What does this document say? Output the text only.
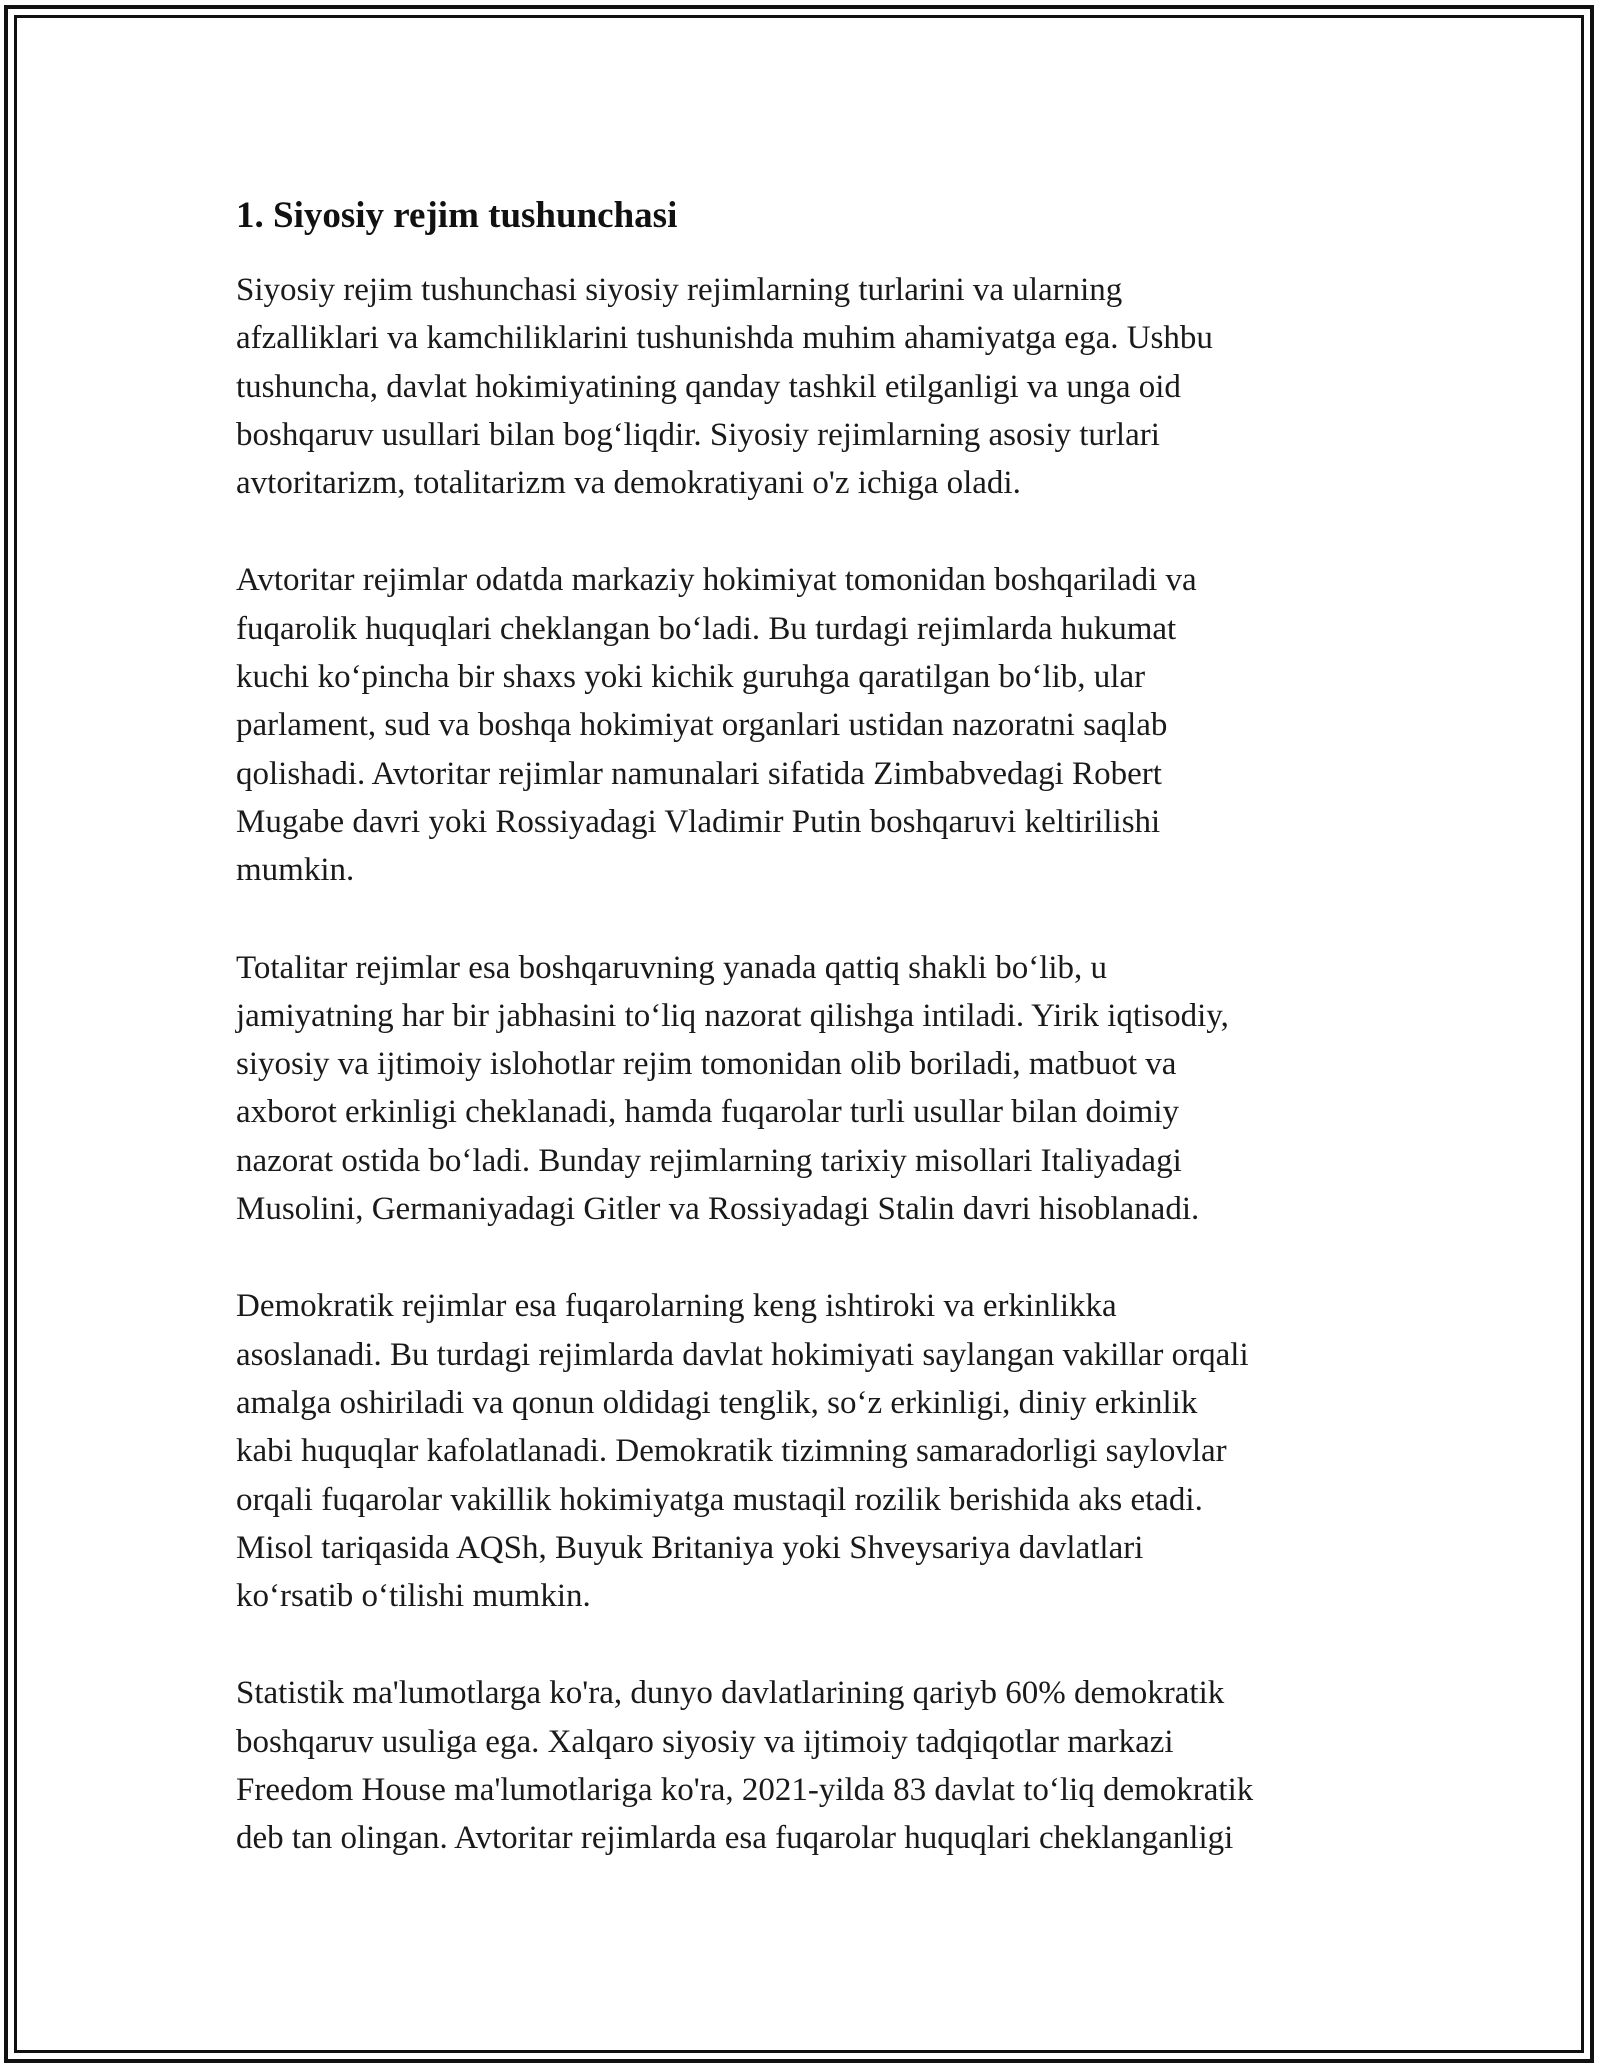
1. Siyosiy rejim tushunchasi

Siyosiy rejim tushunchasi siyosiy rejimlarning turlarini va ularning
afzalliklari va kamchiliklarini tushunishda muhim ahamiyatga ega. Ushbu
tushuncha, davlat hokimiyatining qanday tashkil etilganligi va unga oid
boshqaruv usullari bilan bog‘liqdir. Siyosiy rejimlarning asosiy turlari
avtoritarizm, totalitarizm va demokratiyani o'z ichiga oladi.

Avtoritar rejimlar odatda markaziy hokimiyat tomonidan boshqariladi va
fuqarolik huquqlari cheklangan bo‘ladi. Bu turdagi rejimlarda hukumat
kuchi ko‘pincha bir shaxs yoki kichik guruhga qaratilgan bo‘lib, ular
parlament, sud va boshqa hokimiyat organlari ustidan nazoratni saqlab
qolishadi. Avtoritar rejimlar namunalari sifatida Zimbabvedagi Robert
Mugabe davri yoki Rossiyadagi Vladimir Putin boshqaruvi keltirilishi
mumkin.

Totalitar rejimlar esa boshqaruvning yanada qattiq shakli bo‘lib, u
jamiyatning har bir jabhasini to‘liq nazorat qilishga intiladi. Yirik iqtisodiy,
siyosiy va ijtimoiy islohotlar rejim tomonidan olib boriladi, matbuot va
axborot erkinligi cheklanadi, hamda fuqarolar turli usullar bilan doimiy
nazorat ostida bo‘ladi. Bunday rejimlarning tarixiy misollari Italiyadagi
Musolini, Germaniyadagi Gitler va Rossiyadagi Stalin davri hisoblanadi.

Demokratik rejimlar esa fuqarolarning keng ishtiroki va erkinlikka
asoslanadi. Bu turdagi rejimlarda davlat hokimiyati saylangan vakillar orqali
amalga oshiriladi va qonun oldidagi tenglik, so‘z erkinligi, diniy erkinlik
kabi huquqlar kafolatlanadi. Demokratik tizimning samaradorligi saylovlar
orqali fuqarolar vakillik hokimiyatga mustaqil rozilik berishida aks etadi.
Misol tariqasida AQSh, Buyuk Britaniya yoki Shveysariya davlatlari
ko‘rsatib o‘tilishi mumkin.

Statistik ma'lumotlarga ko'ra, dunyo davlatlarining qariyb 60% demokratik
boshqaruv usuliga ega. Xalqaro siyosiy va ijtimoiy tadqiqotlar markazi
Freedom House ma'lumotlariga ko'ra, 2021-yilda 83 davlat to‘liq demokratik
deb tan olingan. Avtoritar rejimlarda esa fuqarolar huquqlari cheklanganligi
